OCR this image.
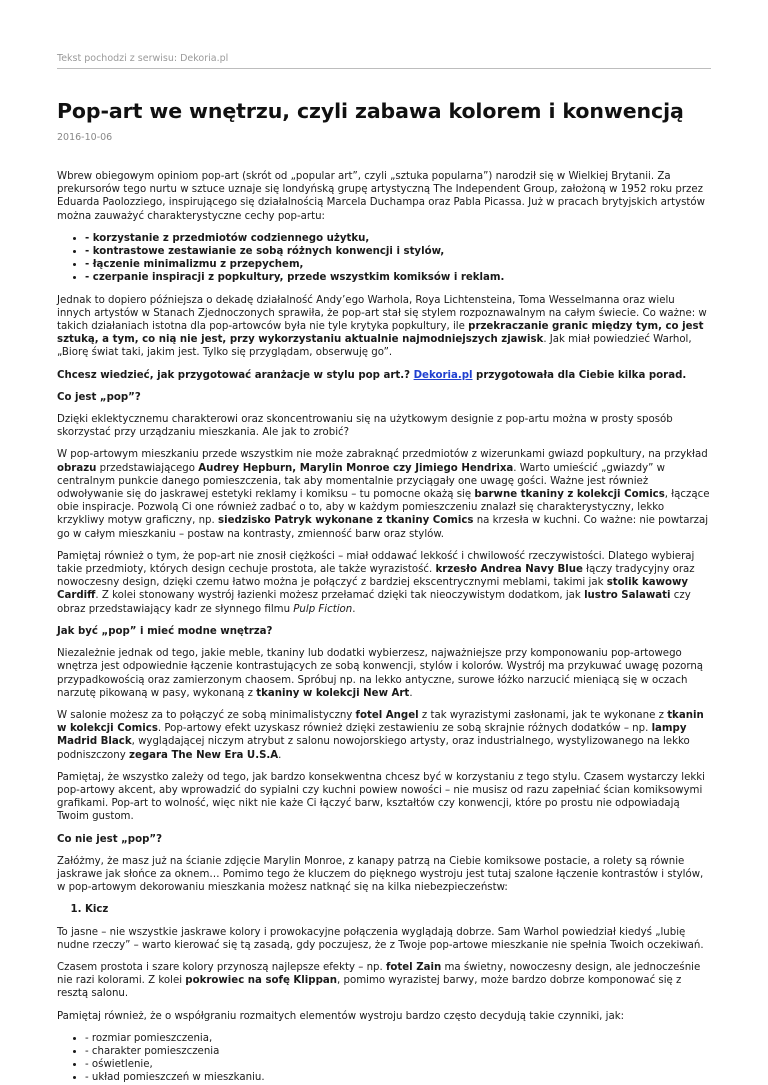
Tekst pochodzi z serwisu: Dekoria.pl
Pop-art we wnętrzu, czyli zabawa kolorem i konwencją
2016-10-06

Wbrew obiegowym opiniom pop-art (skrót od „popular art”, czyli „sztuka popularna”) narodził się w Wielkiej Brytanii. Za prekursorów tego nurtu w sztuce uznaje się londyńską grupę artystyczną The Independent Group, założoną w 1952 roku przez Eduarda Paolozziego, inspirującego się działalnością Marcela Duchampa oraz Pabla Picassa. Już w pracach brytyjskich artystów można zauważyć charakterystyczne cechy pop-artu:

• - korzystanie z przedmiotów codziennego użytku,
• - kontrastowe zestawianie ze sobą różnych konwencji i stylów,
• - łączenie minimalizmu z przepychem,
• - czerpanie inspiracji z popkultury, przede wszystkim komiksów i reklam.

Jednak to dopiero późniejsza o dekadę działalność Andy’ego Warhola, Roya Lichtensteina, Toma Wesselmanna oraz wielu innych artystów w Stanach Zjednoczonych sprawiła, że pop-art stał się stylem rozpoznawalnym na całym świecie. Co ważne: w takich działaniach istotna dla pop-artowców była nie tyle krytyka popkultury, ile przekraczanie granic między tym, co jest sztuką, a tym, co nią nie jest, przy wykorzystaniu aktualnie najmodniejszych zjawisk. Jak miał powiedzieć Warhol, „Biorę świat taki, jakim jest. Tylko się przyglądam, obserwuję go”.

Chcesz wiedzieć, jak przygotować aranżacje w stylu pop art.? Dekoria.pl przygotowała dla Ciebie kilka porad.

Co jest „pop”?

Dzięki eklektycznemu charakterowi oraz skoncentrowaniu się na użytkowym designie z pop-artu można w prosty sposób skorzystać przy urządzaniu mieszkania. Ale jak to zrobić?

W pop-artowym mieszkaniu przede wszystkim nie może zabraknąć przedmiotów z wizerunkami gwiazd popkultury, na przykład obrazu przedstawiającego Audrey Hepburn, Marylin Monroe czy Jimiego Hendrixa. Warto umieścić „gwiazdy” w centralnym punkcie danego pomieszczenia, tak aby momentalnie przyciągały one uwagę gości. Ważne jest również odwoływanie się do jaskrawej estetyki reklamy i komiksu – tu pomocne okażą się barwne tkaniny z kolekcji Comics, łączące obie inspiracje. Pozwolą Ci one również zadbać o to, aby w każdym pomieszczeniu znalazł się charakterystyczny, lekko krzykliwy motyw graficzny, np. siedzisko Patryk wykonane z tkaniny Comics na krzesła w kuchni. Co ważne: nie powtarzaj go w całym mieszkaniu – postaw na kontrasty, zmienność barw oraz stylów.

Pamiętaj również o tym, że pop-art nie znosił ciężkości – miał oddawać lekkość i chwilowość rzeczywistości. Dlatego wybieraj takie przedmioty, których design cechuje prostota, ale także wyrazistość. krzesło Andrea Navy Blue łączy tradycyjny oraz nowoczesny design, dzięki czemu łatwo można je połączyć z bardziej ekscentrycznymi meblami, takimi jak stolik kawowy Cardiff. Z kolei stonowany wystrój łazienki możesz przełamać dzięki tak nieoczywistym dodatkom, jak lustro Salawati czy obraz przedstawiający kadr ze słynnego filmu Pulp Fiction.

Jak być „pop” i mieć modne wnętrza?

Niezależnie jednak od tego, jakie meble, tkaniny lub dodatki wybierzesz, najważniejsze przy komponowaniu pop-artowego wnętrza jest odpowiednie łączenie kontrastujących ze sobą konwencji, stylów i kolorów. Wystrój ma przykuwać uwagę pozorną przypadkowością oraz zamierzonym chaosem. Spróbuj np. na lekko antyczne, surowe łóżko narzucić mieniącą się w oczach narzutę pikowaną w pasy, wykonaną z tkaniny w kolekcji New Art.

W salonie możesz za to połączyć ze sobą minimalistyczny fotel Angel z tak wyrazistymi zasłonami, jak te wykonane z tkanin w kolekcji Comics. Pop-artowy efekt uzyskasz również dzięki zestawieniu ze sobą skrajnie różnych dodatków – np. lampy Madrid Black, wyglądającej niczym atrybut z salonu nowojorskiego artysty, oraz industrialnego, wystylizowanego na lekko podniszczony zegara The New Era U.S.A.

Pamiętaj, że wszystko zależy od tego, jak bardzo konsekwentna chcesz być w korzystaniu z tego stylu. Czasem wystarczy lekki pop-artowy akcent, aby wprowadzić do sypialni czy kuchni powiew nowości – nie musisz od razu zapełniać ścian komiksowymi grafikami. Pop-art to wolność, więc nikt nie każe Ci łączyć barw, kształtów czy konwencji, które po prostu nie odpowiadają Twoim gustom.

Co nie jest „pop”?

Załóżmy, że masz już na ścianie zdjęcie Marylin Monroe, z kanapy patrzą na Ciebie komiksowe postacie, a rolety są równie jaskrawe jak słońce za oknem… Pomimo tego że kluczem do pięknego wystroju jest tutaj szalone łączenie kontrastów i stylów, w pop-artowym dekorowaniu mieszkania możesz natknąć się na kilka niebezpieczeństw:

1. Kicz

To jasne – nie wszystkie jaskrawe kolory i prowokacyjne połączenia wyglądają dobrze. Sam Warhol powiedział kiedyś „lubię nudne rzeczy” – warto kierować się tą zasadą, gdy poczujesz, że z Twoje pop-artowe mieszkanie nie spełnia Twoich oczekiwań.

Czasem prostota i szare kolory przynoszą najlepsze efekty – np. fotel Zain ma świetny, nowoczesny design, ale jednocześnie nie razi kolorami. Z kolei pokrowiec na sofę Klippan, pomimo wyrazistej barwy, może bardzo dobrze komponować się z resztą salonu.

Pamiętaj również, że o współgraniu rozmaitych elementów wystroju bardzo często decydują takie czynniki, jak:

• - rozmiar pomieszczenia,
• - charakter pomieszczenia
• - oświetlenie,
• - układ pomieszczeń w mieszkaniu.
